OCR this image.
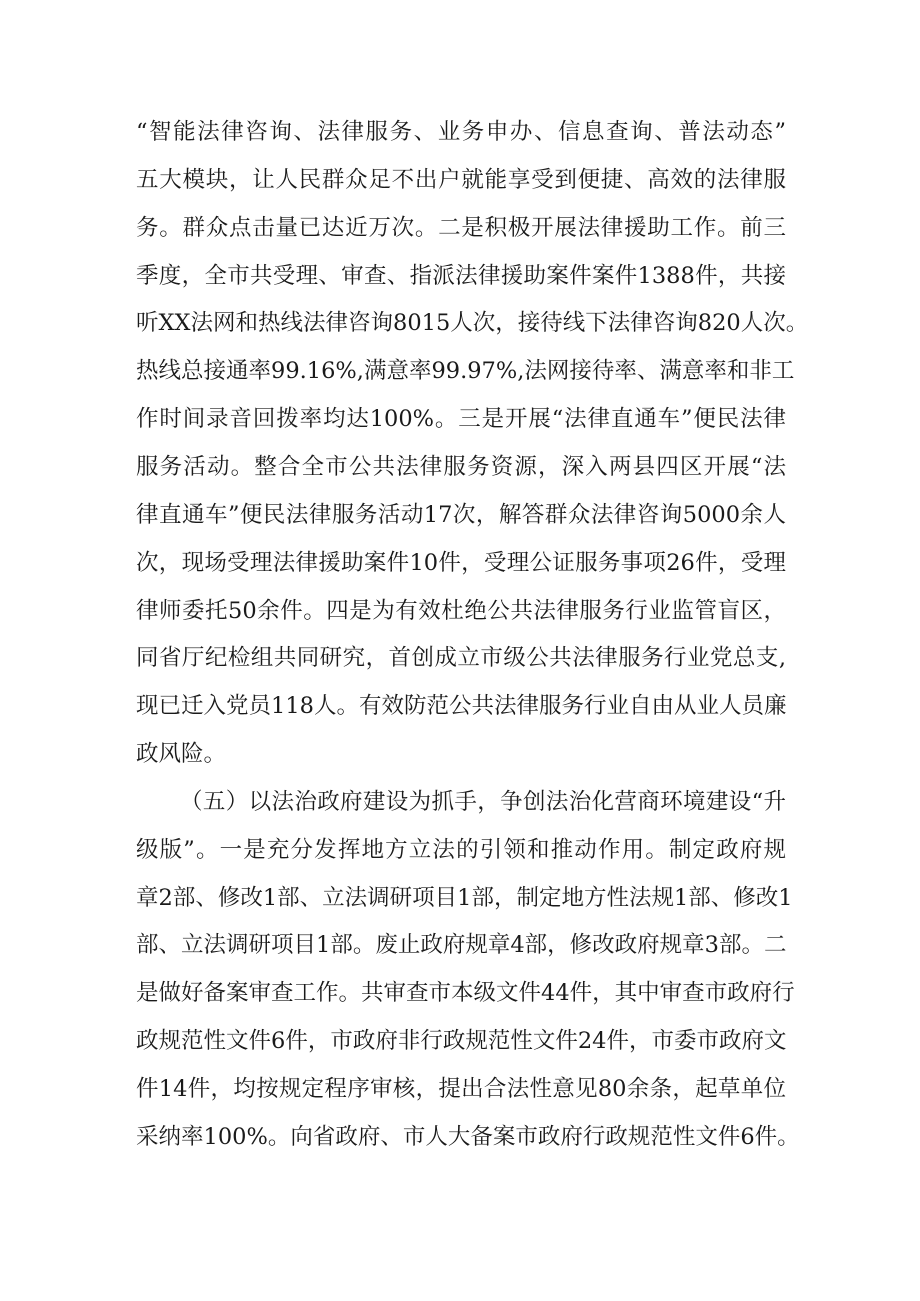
“智能法律咨询、法律服务、业务申办、信息查询、普法动态”

五大模块，让人民群众足不出户就能享受到便捷、高效的法律服

务。群众点击量已达近万次。二是积极开展法律援助工作。前三

季度，全市共受理、审查、指派法律援助案件案件1388件，共接

听XX法网和热线法律咨询8015人次，接待线下法律咨询820人次。

热线总接通率99.16%,满意率99.97%,法网接待率、满意率和非工

作时间录音回拨率均达100%。三是开展“法律直通车”便民法律

服务活动。整合全市公共法律服务资源，深入两县四区开展“法

律直通车”便民法律服务活动17次，解答群众法律咨询5000余人

次，现场受理法律援助案件10件，受理公证服务事项26件，受理

律师委托50余件。四是为有效杜绝公共法律服务行业监管盲区，

同省厅纪检组共同研究，首创成立市级公共法律服务行业党总支,

现已迁入党员118人。有效防范公共法律服务行业自由从业人员廉

政风险。

（五）以法治政府建设为抓手，争创法治化营商环境建设“升

级版”。一是充分发挥地方立法的引领和推动作用。制定政府规

章2部、修改1部、立法调研项目1部，制定地方性法规1部、修改1

部、立法调研项目1部。废止政府规章4部，修改政府规章3部。二

是做好备案审查工作。共审查市本级文件44件，其中审查市政府行

政规范性文件6件，市政府非行政规范性文件24件，市委市政府文

件14件，均按规定程序审核，提出合法性意见80余条，起草单位

采纳率100%。向省政府、市人大备案市政府行政规范性文件6件。
